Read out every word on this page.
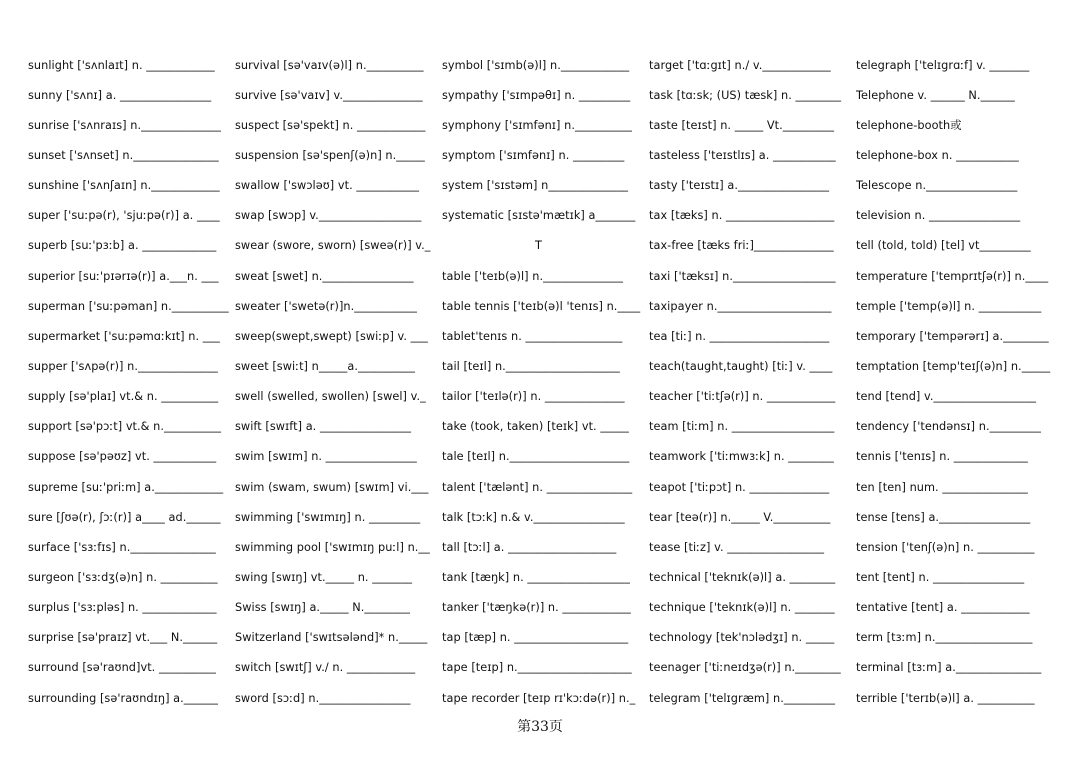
sunlight ['sʌnlaɪt] n. ____________
sunny ['sʌnɪ] a. ________________
sunrise ['sʌnraɪs] n.______________
sunset ['sʌnset] n._______________
sunshine ['sʌnʃaɪn] n.____________
super ['suːpə(r), 'sjuːpə(r)] a. ____
superb [suː'pɜːb] a. _____________
superior [suː'pɪərɪə(r)] a.___n. ___
superman ['suːpəman] n.__________
supermarket ['suːpəmɑːkɪt] n. ___
supper ['sʌpə(r)] n.______________
supply [sə'plaɪ] vt.& n. __________
support [sə'pɔːt] vt.& n.__________
suppose [sə'pəʊz] vt. ___________
supreme [suː'priːm] a.____________
sure [ʃʊə(r), ʃɔː(r)] a____ ad.______
surface ['sɜːfɪs] n._______________
surgeon ['sɜːdʒ(ə)n] n. __________
surplus ['sɜːpləs] n. _____________
surprise [sə'praɪz] vt.___ N.______
surround [sə'raʊnd]vt. __________
surrounding [sə'raʊndɪŋ] a.______
survival [sə'vaɪv(ə)l] n.__________
survive [sə'vaɪv] v.______________
suspect [sə'spekt] n. ____________
suspension [sə'spenʃ(ə)n] n._____
swallow ['swɔləʊ] vt. ___________
swap [swɔp] v.__________________
swear (swore, sworn) [sweə(r)] v._
sweat [swet] n.________________
sweater ['swetə(r)]n.___________
sweep(swept,swept) [swiːp] v. ___
sweet [swiːt] n_____a.__________
swell (swelled, swollen) [swel] v._
swift [swɪft] a. ________________
swim [swɪm] n. ________________
swim (swam, swum) [swɪm] vi.___
swimming ['swɪmɪŋ] n. _________
swimming pool ['swɪmɪŋ puːl] n.__
swing [swɪŋ] vt._____ n. _______
Swiss [swɪŋ] a._____ N.________
Switzerland ['swɪtsələnd]* n._____
switch [swɪtʃ] v./ n. ____________
sword [sɔːd] n.________________
symbol ['sɪmb(ə)l] n.____________
sympathy ['sɪmpəθɪ] n. _________
symphony ['sɪmfənɪ] n.__________
symptom ['sɪmfənɪ] n. _________
system ['sɪstəm] n______________
systematic [sɪstə'mætɪk] a_______
T
table ['teɪb(ə)l] n.______________
table tennis ['teɪb(ə)l 'tenɪs] n.____
tablet'tenɪs n. _________________
tail [teɪl] n.____________________
tailor ['teɪlə(r)] n. ______________
take (took, taken) [teɪk] vt. _____
tale [teɪl] n._____________________
talent ['tælənt] n. _______________
talk [tɔːk] n.& v.________________
tall [tɔːl] a. ___________________
tank [tæŋk] n. __________________
tanker ['tæŋkə(r)] n. ____________
tap [tæp] n. ____________________
tape [teɪp] n.____________________
tape recorder [teɪp rɪ'kɔːdə(r)] n._
target ['tɑːgɪt] n./ v.____________
task [tɑːsk; (US) tæsk] n. ________
taste [teɪst] n. _____ Vt._________
tasteless ['teɪstlɪs] a. ___________
tasty ['teɪstɪ] a.________________
tax [tæks] n. ___________________
tax-free [tæks friː]______________
taxi ['tæksɪ] n.__________________
taxipayer n.____________________
tea [tiː] n. _____________________
teach(taught,taught) [tiː] v. ____
teacher ['tiːtʃə(r)] n. ____________
team [tiːm] n. __________________
teamwork ['tiːmwɜːk] n. ________
teapot ['tiːpɔt] n. ______________
tear [teə(r)] n._____ V.__________
tease [tiːz] v. _________________
technical ['teknɪk(ə)l] a. ________
technique ['teknɪk(ə)l] n. _______
technology [tek'nɔlədʒɪ] n. _____
teenager ['tiːneɪdʒə(r)] n.________
telegram ['telɪgræm] n._________
telegraph ['telɪgrɑːf] v. _______
Telephone v. ______ N.______
telephone-booth或
telephone-box n. ___________
Telescope n.________________
television n. ________________
tell (told, told) [tel] vt_________
temperature ['temprɪtʃə(r)] n.____
temple ['temp(ə)l] n. ___________
temporary ['tempərərɪ] a.________
temptation [temp'teɪʃ(ə)n] n._____
tend [tend] v.__________________
tendency ['tendənsɪ] n._________
tennis ['tenɪs] n. _____________
ten [ten] num. _______________
tense [tens] a.________________
tension ['tenʃ(ə)n] n. __________
tent [tent] n. ________________
tentative [tent] a. ____________
term [tɜːm] n._________________
terminal [tɜːm] a._______________
terrible ['terɪb(ə)l] a. __________
第33页
